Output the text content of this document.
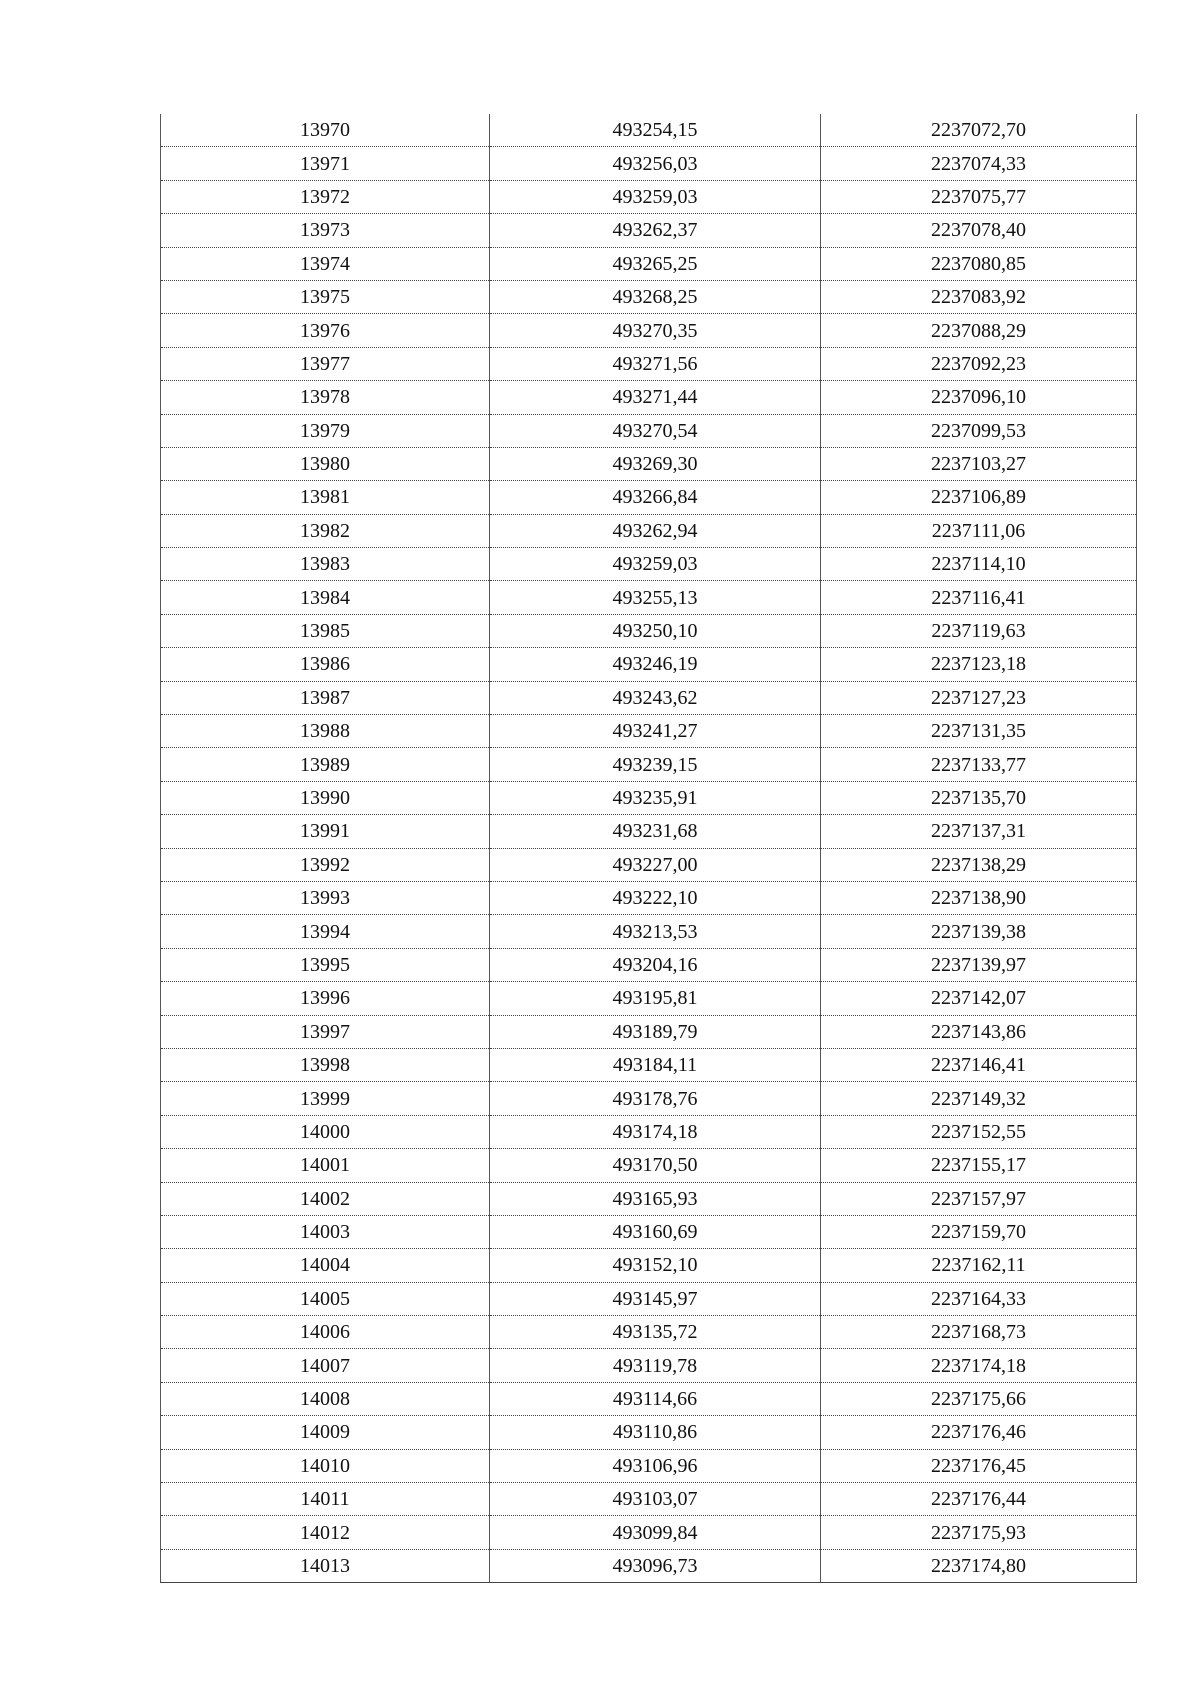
13970	493254,15	2237072,70
13971	493256,03	2237074,33
13972	493259,03	2237075,77
13973	493262,37	2237078,40
13974	493265,25	2237080,85
13975	493268,25	2237083,92
13976	493270,35	2237088,29
13977	493271,56	2237092,23
13978	493271,44	2237096,10
13979	493270,54	2237099,53
13980	493269,30	2237103,27
13981	493266,84	2237106,89
13982	493262,94	2237111,06
13983	493259,03	2237114,10
13984	493255,13	2237116,41
13985	493250,10	2237119,63
13986	493246,19	2237123,18
13987	493243,62	2237127,23
13988	493241,27	2237131,35
13989	493239,15	2237133,77
13990	493235,91	2237135,70
13991	493231,68	2237137,31
13992	493227,00	2237138,29
13993	493222,10	2237138,90
13994	493213,53	2237139,38
13995	493204,16	2237139,97
13996	493195,81	2237142,07
13997	493189,79	2237143,86
13998	493184,11	2237146,41
13999	493178,76	2237149,32
14000	493174,18	2237152,55
14001	493170,50	2237155,17
14002	493165,93	2237157,97
14003	493160,69	2237159,70
14004	493152,10	2237162,11
14005	493145,97	2237164,33
14006	493135,72	2237168,73
14007	493119,78	2237174,18
14008	493114,66	2237175,66
14009	493110,86	2237176,46
14010	493106,96	2237176,45
14011	493103,07	2237176,44
14012	493099,84	2237175,93
14013	493096,73	2237174,80
